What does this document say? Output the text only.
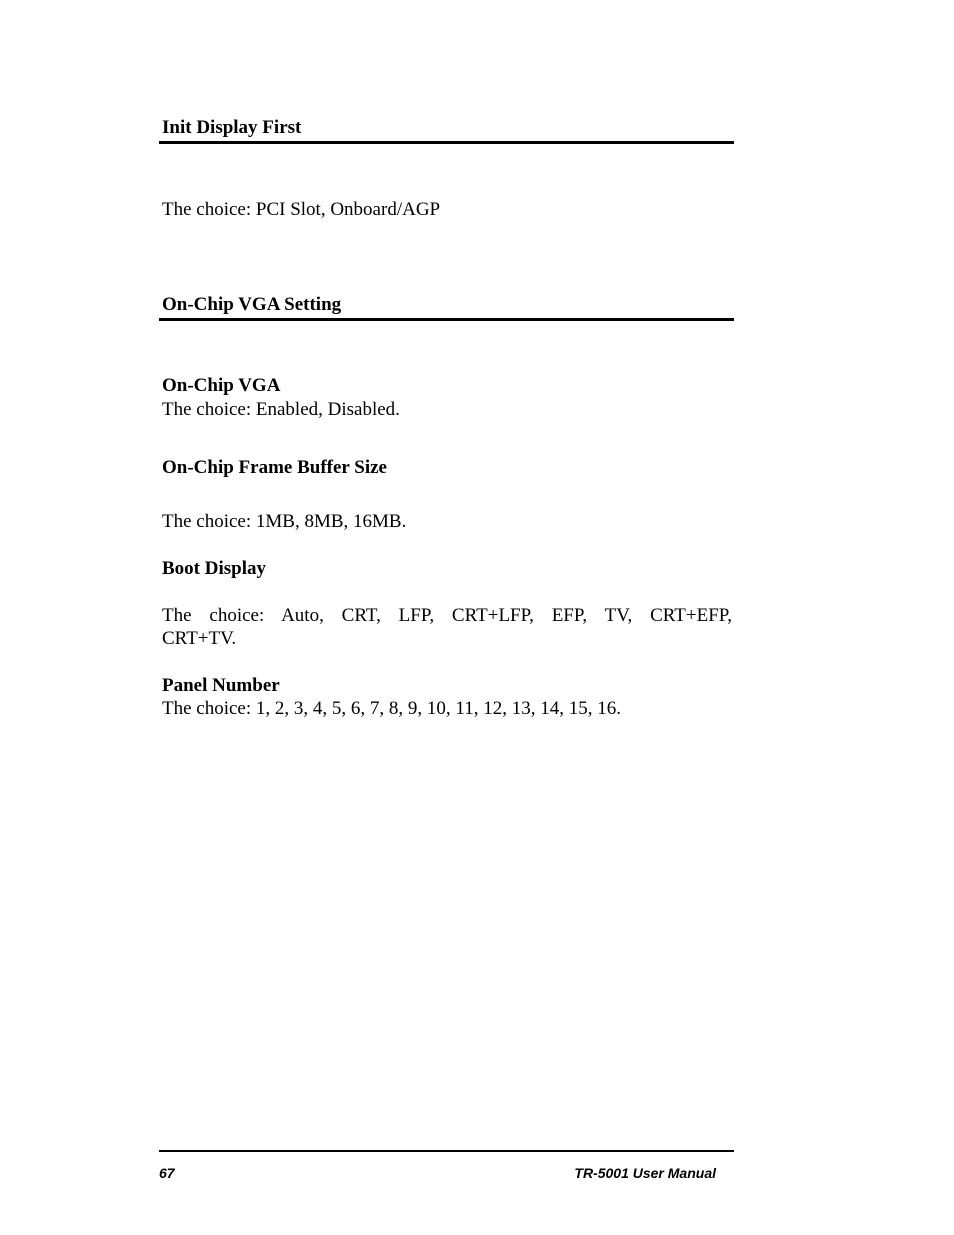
Init Display First
The choice: PCI Slot, Onboard/AGP
On-Chip VGA Setting
On-Chip VGA
The choice: Enabled, Disabled.
On-Chip Frame Buffer Size
The choice: 1MB, 8MB, 16MB.
Boot Display
The choice: Auto, CRT, LFP, CRT+LFP, EFP, TV, CRT+EFP,
CRT+TV.
Panel Number
The choice: 1, 2, 3, 4, 5, 6, 7, 8, 9, 10, 11, 12, 13, 14, 15, 16.
67	TR-5001 User Manual
